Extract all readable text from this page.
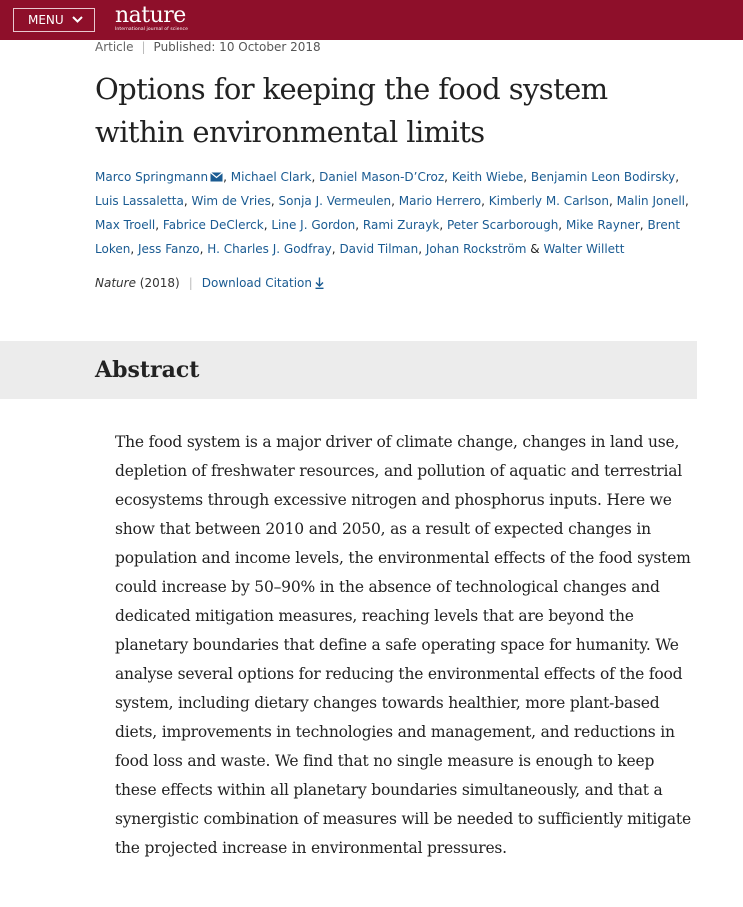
MENU	nature
International journal of science
Article | Published: 10 October 2018
Options for keeping the food system within environmental limits
Marco Springmann , Michael Clark, Daniel Mason-D’Croz, Keith Wiebe, Benjamin Leon Bodirsky, Luis Lassaletta, Wim de Vries, Sonja J. Vermeulen, Mario Herrero, Kimberly M. Carlson, Malin Jonell, Max Troell, Fabrice DeClerck, Line J. Gordon, Rami Zurayk, Peter Scarborough, Mike Rayner, Brent Loken, Jess Fanzo, H. Charles J. Godfray, David Tilman, Johan Rockström & Walter Willett
Nature (2018) | Download Citation
Abstract

The food system is a major driver of climate change, changes in land use, depletion of freshwater resources, and pollution of aquatic and terrestrial ecosystems through excessive nitrogen and phosphorus inputs. Here we show that between 2010 and 2050, as a result of expected changes in population and income levels, the environmental effects of the food system could increase by 50–90% in the absence of technological changes and dedicated mitigation measures, reaching levels that are beyond the planetary boundaries that define a safe operating space for humanity. We analyse several options for reducing the environmental effects of the food system, including dietary changes towards healthier, more plant-based diets, improvements in technologies and management, and reductions in food loss and waste. We find that no single measure is enough to keep these effects within all planetary boundaries simultaneously, and that a synergistic combination of measures will be needed to sufficiently mitigate the projected increase in environmental pressures.
